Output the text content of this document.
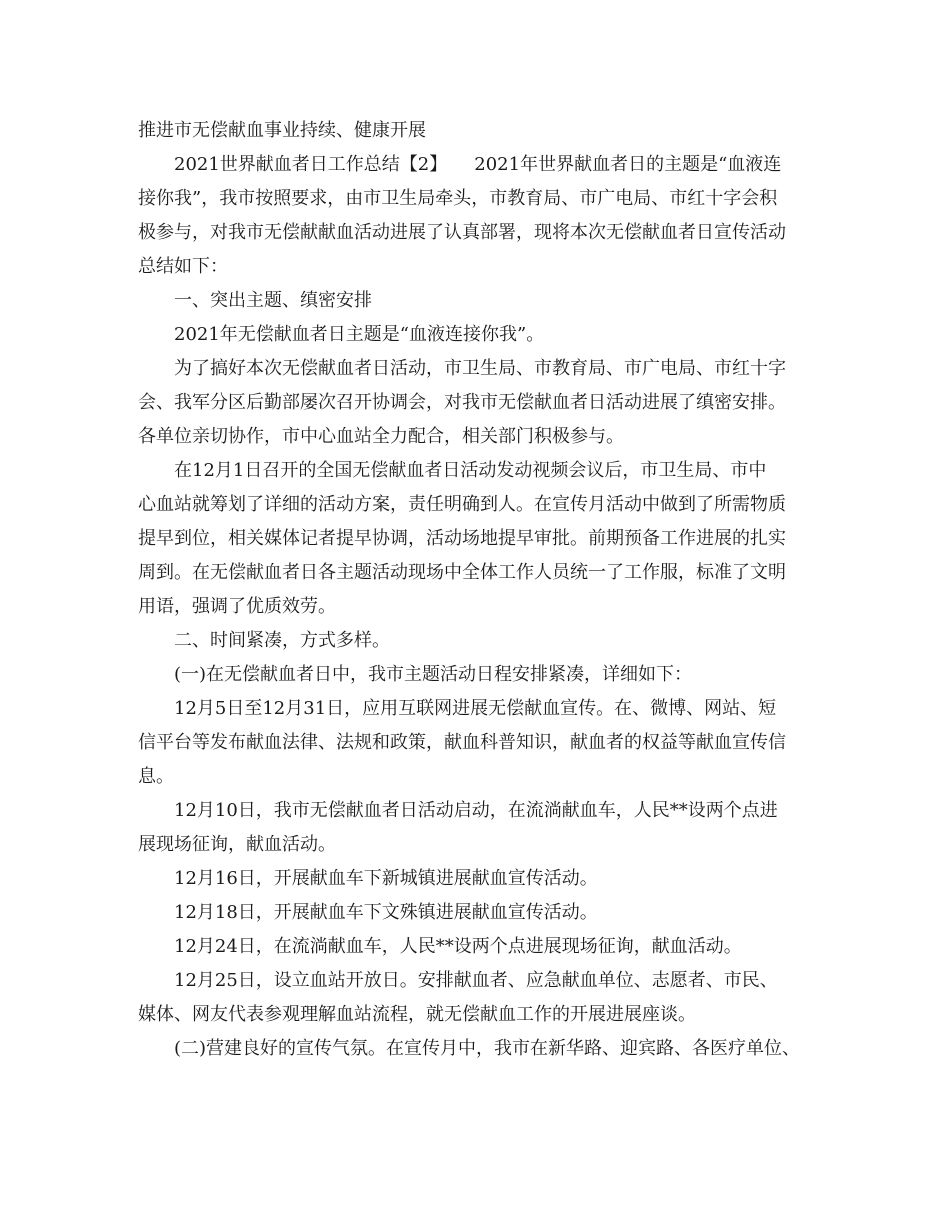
推进市无偿献血事业持续、健康开展

2021世界献血者日工作总结【2】　　2021年世界献血者日的主题是“血液连

接你我”，我市按照要求，由市卫生局牵头，市教育局、市广电局、市红十字会积

极参与，对我市无偿献献血活动进展了认真部署，现将本次无偿献血者日宣传活动

总结如下：

一、突出主题、缜密安排

2021年无偿献血者日主题是“血液连接你我”。

为了搞好本次无偿献血者日活动，市卫生局、市教育局、市广电局、市红十字

会、我军分区后勤部屡次召开协调会，对我市无偿献血者日活动进展了缜密安排。

各单位亲切协作，市中心血站全力配合，相关部门积极参与。

在12月1日召开的全国无偿献血者日活动发动视频会议后，市卫生局、市中

心血站就筹划了详细的活动方案，责任明确到人。在宣传月活动中做到了所需物质

提早到位，相关媒体记者提早协调，活动场地提早审批。前期预备工作进展的扎实

周到。在无偿献血者日各主题活动现场中全体工作人员统一了工作服，标准了文明

用语，强调了优质效劳。

二、时间紧凑，方式多样。

(一)在无偿献血者日中，我市主题活动日程安排紧凑，详细如下：

12月5日至12月31日，应用互联网进展无偿献血宣传。在、微博、网站、短

信平台等发布献血法律、法规和政策，献血科普知识，献血者的权益等献血宣传信

息。

12月10日，我市无偿献血者日活动启动，在流淌献血车，人民**设两个点进

展现场征询，献血活动。

12月16日，开展献血车下新城镇进展献血宣传活动。

12月18日，开展献血车下文殊镇进展献血宣传活动。

12月24日，在流淌献血车，人民**设两个点进展现场征询，献血活动。

12月25日，设立血站开放日。安排献血者、应急献血单位、志愿者、市民、

媒体、网友代表参观理解血站流程，就无偿献血工作的开展进展座谈。

(二)营建良好的宣传气氛。在宣传月中，我市在新华路、迎宾路、各医疗单位、
